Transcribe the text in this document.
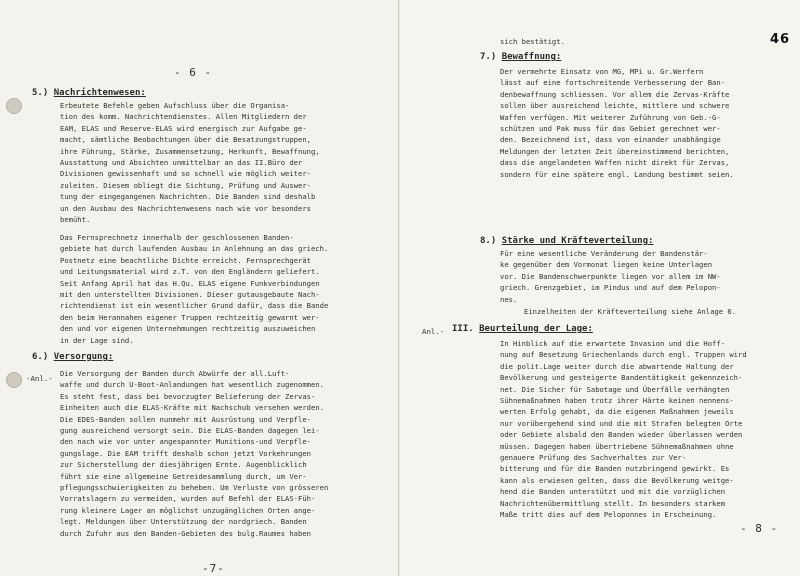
- 6 -
5.) Nachrichtenwesen:
Erbeutete Befehle geben Aufschluss über die Organisa-
tion des komm. Nachrichtendienstes. Allen Mitgliedern der
EAM, ELAS und Reserve-ELAS wird energisch zur Aufgabe ge-
macht, sämtliche Beobachtungen über die Besatzungstruppen,
ihre Führung, Stärke, Zusammensetzung, Herkunft, Bewaffnung,
Ausstattung und Absichten unmittelbar an das II.Büro der
Divisionen gewissenhaft und so schnell wie möglich weiter-
zuleiten. Diesem obliegt die Sichtung, Prüfung und Auswer-
tung der eingegangenen Nachrichten. Die Banden sind deshalb
un den Ausbau des Nachrichtenwesens nach wie vor besonders
bemüht.
Das Fernsprechnetz innerhalb der geschlossenen Banden-
gebiete hat durch laufenden Ausbau in Anlehnung an das griech.
Postnetz eine beachtliche Dichte erreicht. Fernsprechgerät
und Leitungsmaterial wird z.T. von den Engländern geliefert.
Seit Anfang April hat das H.Qu. ELAS eigene Funkverbindungen
mit den unterstellten Divisionen. Dieser gutausgebaute Nach-
richtendienst ist ein wesentlicher Grund dafür, dass die Bande
den beim Herannahen eigener Truppen rechtzeitig gewarnt wer-
den und vor eigenen Unternehmungen rechtzeitig auszuweichen
in der Lage sind.
6.) Versorgung:
-Anl.-
Die Versorgung der Banden durch Abwürfe der all.Luft-
waffe und durch U-Boot-Anlandungen hat wesentlich zugenommen.
Es steht fest, dass bei bevorzugter Belieferung der Zervas-
Einheiten auch die ELAS-Kräfte mit Nachschub versehen werden.
Die EDES-Banden sollen nunmehr mit Ausrüstung und Verpfle-
gung ausreichend versorgt sein. Die ELAS-Banden dagegen lei-
den nach wie vor unter angespannter Munitions-und Verpfle-
gungslage. Die EAM trifft deshalb schon jetzt Vorkehrungen
zur Sicherstellung der diesjährigen Ernte. Augenblicklich
führt sie eine allgemeine Getreidesammlung durch, um Ver-
pflegungsschwierigkeiten zu beheben. Um Verluste von grösseren
Vorratslagern zu vermeiden, wurden auf Befehl der ELAS-Füh-
rung kleinere Lager an möglichst unzugänglichen Orten ange-
legt. Meldungen über Unterstützung der nordgriech. Banden
durch Zufuhr aus den Banden-Gebieten des bulg.Raumes haben
-7-
46
sich bestätigt.
7.) Bewaffnung:
Der vermehrte Einsatz von MG, MPi u. Gr.Werfern
lässt auf eine fortschreitende Verbesserung der Ban-
denbewaffnung schliessen. Vor allem die Zervas-Kräfte
sollen über ausreichend leichte, mittlere und schwere
Waffen verfügen. Mit weiterer Zuführung von Geb.-G-
schützen und Pak muss für das Gebiet gerechnet wer-
den. Bezeichnend ist, dass von einander unabhängige
Meldungen der letzten Zeit übereinstimmend berichten,
dass die angelandeten Waffen nicht direkt für Zervas,
sondern für eine spätere engl. Landung bestimmt seien.
8.) Stärke und Kräfteverteilung:
Für eine wesentliche Veränderung der Bandenstär-
ke gegenüber dem Vormonat liegen keine Unterlagen
vor. Die Bandenschwerpunkte liegen vor allem im NW-
griech. Grenzgebiet, im Pindus und auf dem Pelopon-
nes.
Einzelheiten der Kräfteverteilung siehe Anlage 6.
Anl.- III. Beurteilung der Lage:
In Hinblick auf die erwartete Invasion und die Hoff-
nung auf Besetzung Griechenlands durch engl. Truppen wird
die polit.Lage weiter durch die abwartende Haltung der
Bevölkerung und gesteigerte Bandentätigkeit gekennzeich-
net. Die Sicher für Sabotage und Überfälle verhängten
Sühnemaßnahmen haben trotz ihrer Härte keinen nennens-
werten Erfolg gehabt, da die eigenen Maßnahmen jeweils
nur vorübergehend sind und die mit Strafen belegten Orte
oder Gebiete alsbald den Banden wieder überlassen werden
müssen. Dagegen haben übertriebene Sühnemaßnahmen ohne
genauere Prüfung des Sachverhaltes zur Ver-
bitterung und für die Banden nutzbringend gewirkt. Es
kann als erwiesen gelten, dass die Bevölkerung weitge-
hend die Banden unterstützt und mit die vorzüglichen
Nachrichtenübermittlung stellt. In besonders starkem
Maße tritt dies auf dem Peloponnes in Erscheinung.
- 8 -
